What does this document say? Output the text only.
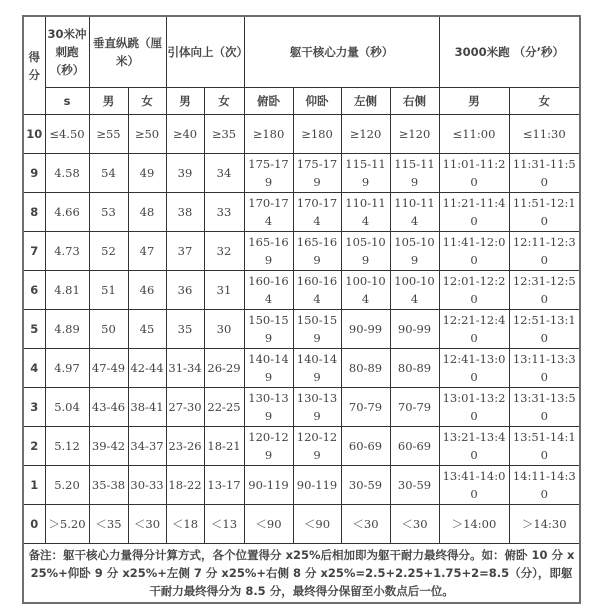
得分	30米冲刺跑（秒）	垂直纵跳（厘米）		引体向上（次）		躯干核心力量（秒）				3000米跑 （分’秒）	
	s	男	女	男	女	俯卧	仰卧	左侧	右侧	男	女
10	≤4.50	≥55	≥50	≥40	≥35	≥180	≥180	≥120	≥120	≤11:00	≤11:30
9	4.58	54	49	39	34	175-179	175-179	115-119	115-119	11:01-11:20	11:31-11:50
8	4.66	53	48	38	33	170-174	170-174	110-114	110-114	11:21-11:40	11:51-12:10
7	4.73	52	47	37	32	165-169	165-169	105-109	105-109	11:41-12:00	12:11-12:30
6	4.81	51	46	36	31	160-164	160-164	100-104	100-104	12:01-12:20	12:31-12:50
5	4.89	50	45	35	30	150-159	150-159	90-99	90-99	12:21-12:40	12:51-13:10
4	4.97	47-49	42-44	31-34	26-29	140-149	140-149	80-89	80-89	12:41-13:00	13:11-13:30
3	5.04	43-46	38-41	27-30	22-25	130-139	130-139	70-79	70-79	13:01-13:20	13:31-13:50
2	5.12	39-42	34-37	23-26	18-21	120-129	120-129	60-69	60-69	13:21-13:40	13:51-14:10
1	5.20	35-38	30-33	18-22	13-17	90-119	90-119	30-59	30-59	13:41-14:00	14:11-14:30
0	＞5.20	＜35	＜30	＜18	＜13	＜90	＜90	＜30	＜30	＞14:00	＞14:30
备注：躯干核心力量得分计算方式，各个位置得分 x25%后相加即为躯干耐力最终得分。如：俯卧 10 分 x25%+仰卧 9 分 x25%+左侧 7 分 x25%+右侧 8 分 x25%=2.5+2.25+1.75+2=8.5（分），即躯干耐力最终得分为 8.5 分，最终得分保留至小数点后一位。											
